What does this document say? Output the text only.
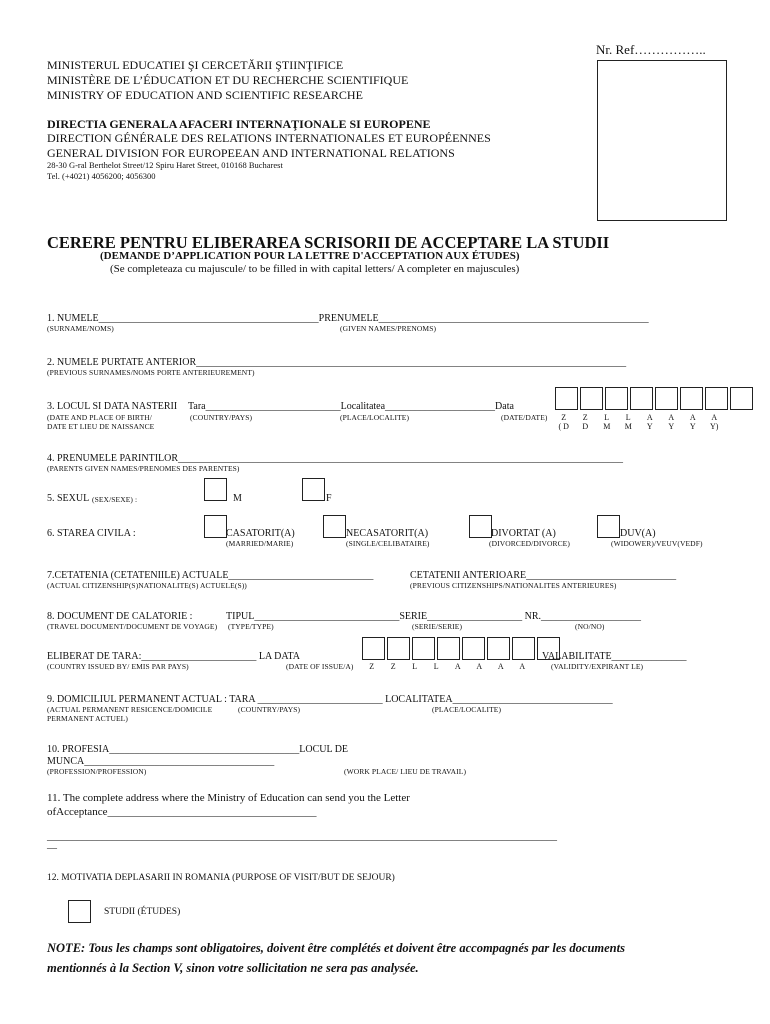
Nr. Ref……………..
MINISTERUL EDUCATIEI ŞI CERCETĂRII ŞTIINŢIFICE
MINISTÈRE DE L’ÉDUCATION ET DU RECHERCHE SCIENTIFIQUE
MINISTRY OF EDUCATION AND SCIENTIFIC RESEARCHE
DIRECTIA GENERALA AFACERI INTERNAŢIONALE SI EUROPENE
DIRECTION GÉNÉRALE DES RELATIONS INTERNATIONALES ET EUROPÉENNES
GENERAL DIVISION FOR EUROPEEAN AND INTERNATIONAL RELATIONS
28-30 G-ral Berthelot Street/12 Spiru Haret Street, 010168 Bucharest
Tel. (+4021) 4056200; 4056300
CERERE PENTRU ELIBERAREA SCRISORII DE ACCEPTARE LA STUDII
(DEMANDE D’APPLICATION POUR LA LETTRE D'ACCEPTATION AUX ÉTUDES)
(Se completeaza cu majuscule/ to be filled in with capital letters/ A completer en majuscules)
1. NUMELE____________________________________________PRENUMELE______________________________________________________
(SURNAME/NOMS)	(GIVEN NAMES/PRENOMS)
2. NUMELE PURTATE ANTERIOR______________________________________________________________________________________
(PREVIOUS SURNAMES/NOMS PORTE ANTERIEUREMENT)
3. LOCUL SI DATA NASTERII Tara___________________________Localitatea______________________Data
(DATE AND PLACE OF BIRTH/
DATE ET LIEU DE NAISSANCE
(COUNTRY/PAYS)	(PLACE/LOCALITE)	(DATE/DATE)	Z	Z	L	L	A	A	A	A
( D	D	M	M	Y	Y	Y	Y)
4. PRENUMELE PARINTILOR_________________________________________________________________________________________
(PARENTS GIVEN NAMES/PRENOMES DES PARENTES)
5. SEXUL (SEX/SEXE) :	M	F
6. STAREA CIVILA :	CASATORIT(A)
(MARRIED/MARIE)
NECASATORIT(A)
(SINGLE/CELIBATAIRE)
DIVORTAT (A)
(DIVORCED/DIVORCE)
DUV(A)
(WIDOWER)/VEUV(VEDF)
7.CETATENIA (CETATENIILE) ACTUALE_____________________________	CETATENII ANTERIOARE______________________________
(ACTUAL CITIZENSHIP(S)NATIONALITE(S) ACTUELE(S))	(PREVIOUS CITIZENSHIPS/NATIONALITES ANTERIEURES)
8. DOCUMENT DE CALATORIE :	TIPUL_____________________________SERIE___________________ NR.____________________
(TRAVEL DOCUMENT/DOCUMENT DE VOYAGE) (TYPE/TYPE)	(SERIE/SERIE)	(NO/NO)
ELIBERAT DE TARA:_______________________ LA DATA	VALABILITATE_______________
(COUNTRY ISSUED BY/ EMIS PAR PAYS)	(DATE OF ISSUE/A)	Z	Z	L	L	A	A	A	A	(VALIDITY/EXPIRANT LE)
9. DOMICILIUL PERMANENT ACTUAL : TARA _________________________ LOCALITATEA________________________________
(ACTUAL PERMANENT RESICENCE/DOMICILE
PERMANENT ACTUEL)
(COUNTRY/PAYS)	(PLACE/LOCALITE)
10. PROFESIA______________________________________LOCUL DE
MUNCA______________________________________
(PROFESSION/PROFESSION)	(WORK PLACE/ LIEU DE TRAVAIL)
11. The complete address where the Ministry of Education can send you the Letter
ofAcceptance______________________________________
______________________________________________________________________________________________________
—
12. MOTIVATIA DEPLASARII IN ROMANIA (PURPOSE OF VISIT/BUT DE SEJOUR)
STUDII (ÉTUDES)
NOTE: Tous les champs sont obligatoires, doivent être complétés et doivent être accompagnés par les documents
mentionnés à la Section V, sinon votre sollicitation ne sera pas analysée.
